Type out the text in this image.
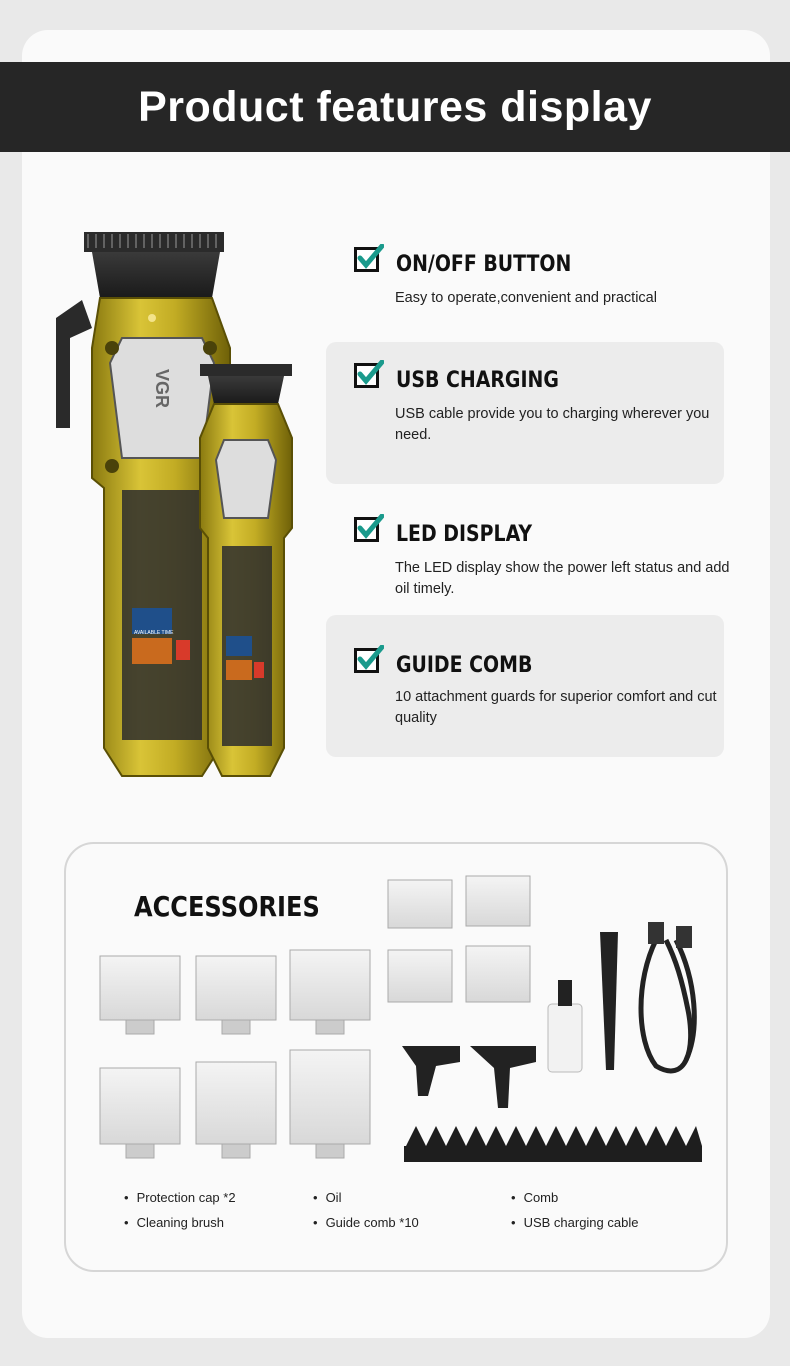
Product features display
VGR
AVAILABLE TIME
ON/OFF BUTTON
Easy to operate,convenient and practical
USB CHARGING
USB cable provide you to charging wherever you need.
LED DISPLAY
The LED display show the power left status and add oil timely.
GUIDE COMB
10 attachment guards for superior comfort and cut quality
ACCESSORIES
• Protection cap *2
• Cleaning brush
• Oil
• Guide comb *10
• Comb
• USB charging cable
